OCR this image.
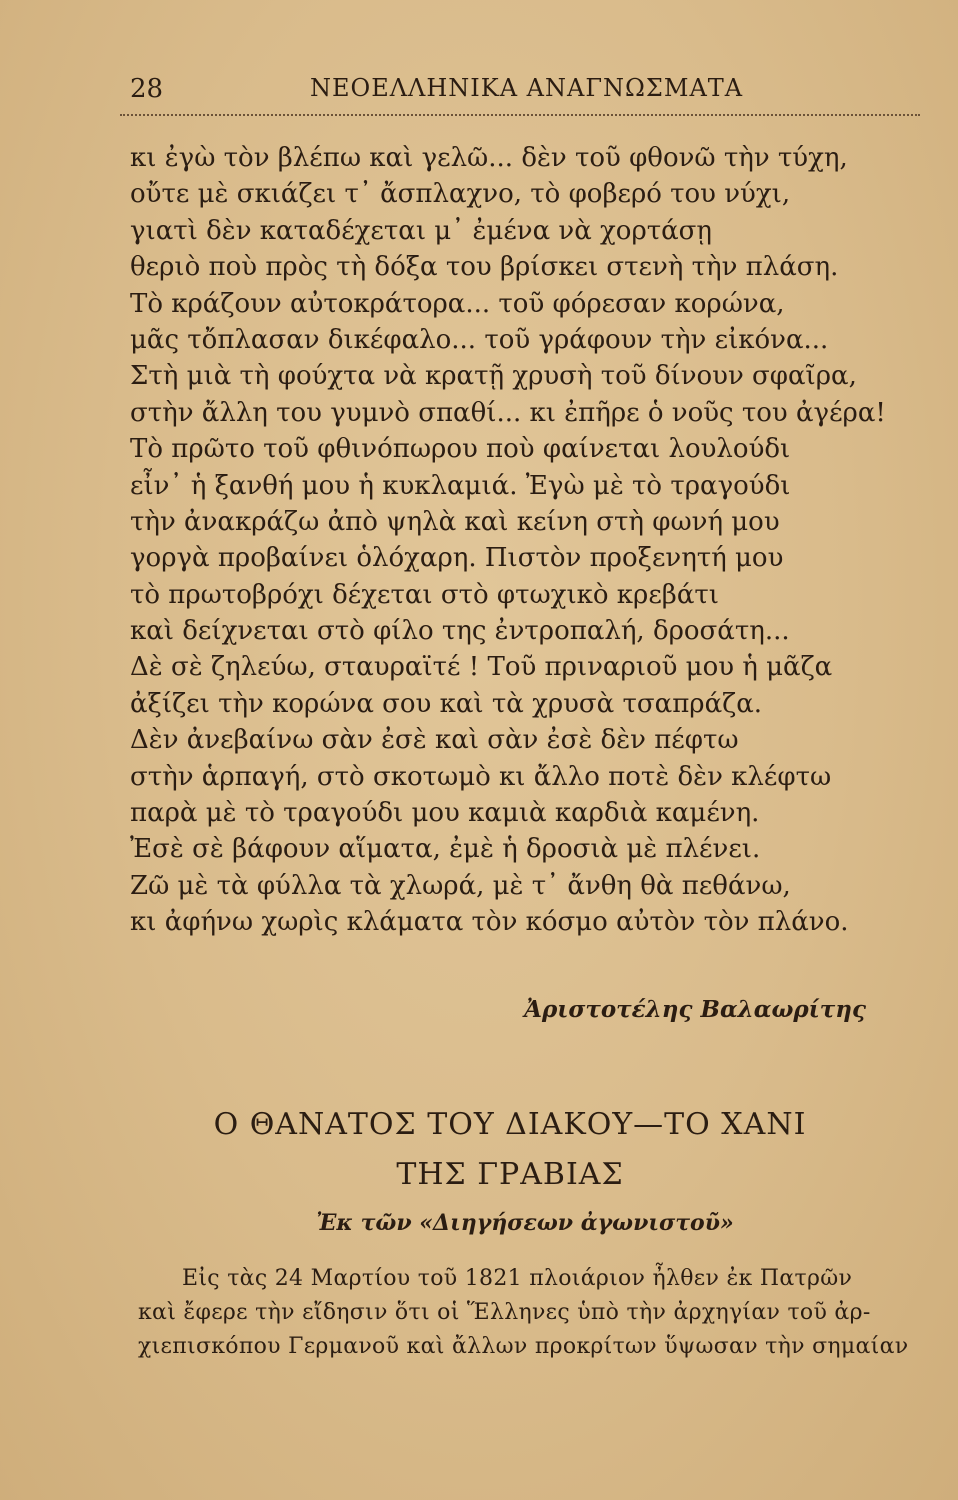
28	ΝΕΟΕΛΛΗΝΙΚΑ ΑΝΑΓΝΩΣΜΑΤΑ
κι ἐγὼ τὸν βλέπω καὶ γελῶ... δὲν τοῦ φθονῶ τὴν τύχη,
οὔτε μὲ σκιάζει τ᾽ ἄσπλαχνο, τὸ φοβερό του νύχι,
γιατὶ δὲν καταδέχεται μ᾽ ἐμένα νὰ χορτάσῃ
θεριὸ ποὺ πρὸς τὴ δόξα του βρίσκει στενὴ τὴν πλάση.
Τὸ κράζουν αὐτοκράτορα... τοῦ φόρεσαν κορώνα,
μᾶς τὄπλασαν δικέφαλο... τοῦ γράφουν τὴν εἰκόνα...
Στὴ μιὰ τὴ φούχτα νὰ κρατῇ χρυσὴ τοῦ δίνουν σφαῖρα,
στὴν ἄλλη του γυμνὸ σπαθί... κι ἐπῆρε ὁ νοῦς του ἀγέρα!
Τὸ πρῶτο τοῦ φθινόπωρου ποὺ φαίνεται λουλούδι
εἶν᾽ ἡ ξανθή μου ἡ κυκλαμιά. Ἐγὼ μὲ τὸ τραγούδι
τὴν ἀνακράζω ἀπὸ ψηλὰ καὶ κείνη στὴ φωνή μου
γοργὰ προβαίνει ὁλόχαρη. Πιστὸν προξενητή μου
τὸ πρωτοβρόχι δέχεται στὸ φτωχικὸ κρεβάτι
καὶ δείχνεται στὸ φίλο της ἐντροπαλή, δροσάτη...
Δὲ σὲ ζηλεύω, σταυραϊτέ ! Τοῦ πριναριοῦ μου ἡ μᾶζα
ἀξίζει τὴν κορώνα σου καὶ τὰ χρυσὰ τσαπράζα.
Δὲν ἀνεβαίνω σὰν ἐσὲ καὶ σὰν ἐσὲ δὲν πέφτω
στὴν ἁρπαγή, στὸ σκοτωμὸ κι ἄλλο ποτὲ δὲν κλέφτω
παρὰ μὲ τὸ τραγούδι μου καμιὰ καρδιὰ καμένη.
Ἐσὲ σὲ βάφουν αἵματα, ἐμὲ ἡ δροσιὰ μὲ πλένει.
Ζῶ μὲ τὰ φύλλα τὰ χλωρά, μὲ τ᾽ ἄνθη θὰ πεθάνω,
κι ἀφήνω χωρὶς κλάματα τὸν κόσμο αὐτὸν τὸν πλάνο.
Ἀριστοτέλης Βαλαωρίτης
Ο ΘΑΝΑΤΟΣ ΤΟΥ ΔΙΑΚΟΥ—ΤΟ ΧΑΝΙ
ΤΗΣ ΓΡΑΒΙΑΣ
Ἐκ τῶν «Διηγήσεων ἀγωνιστοῦ»
Εἰς τὰς 24 Μαρτίου τοῦ 1821 πλοιάριον ἦλθεν ἐκ Πατρῶν
καὶ ἔφερε τὴν εἴδησιν ὅτι οἱ Ἕλληνες ὑπὸ τὴν ἀρχηγίαν τοῦ ἀρ-
χιεπισκόπου Γερμανοῦ καὶ ἄλλων προκρίτων ὕψωσαν τὴν σημαίαν
